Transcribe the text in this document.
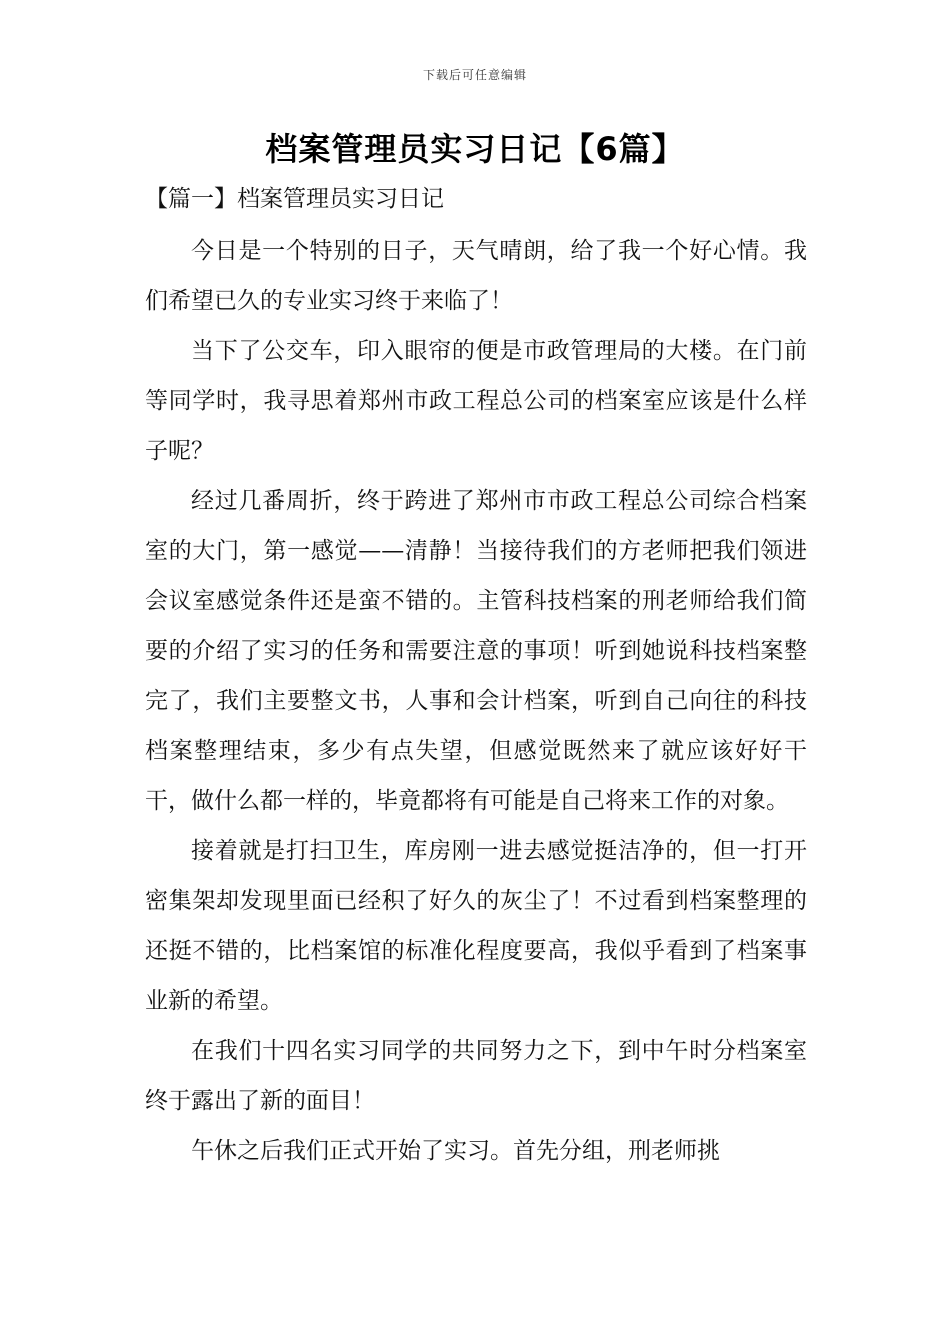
下载后可任意编辑
档案管理员实习日记【6篇】
【篇一】档案管理员实习日记

今日是一个特别的日子，天气晴朗，给了我一个好心情。我们希望已久的专业实习终于来临了！

当下了公交车，印入眼帘的便是市政管理局的大楼。在门前等同学时，我寻思着郑州市政工程总公司的档案室应该是什么样子呢？

经过几番周折，终于跨进了郑州市市政工程总公司综合档案室的大门，第一感觉——清静！当接待我们的方老师把我们领进会议室感觉条件还是蛮不错的。主管科技档案的刑老师给我们简要的介绍了实习的任务和需要注意的事项！听到她说科技档案整完了，我们主要整文书，人事和会计档案，听到自己向往的科技档案整理结束，多少有点失望，但感觉既然来了就应该好好干干，做什么都一样的，毕竟都将有可能是自己将来工作的对象。

接着就是打扫卫生，库房刚一进去感觉挺洁净的，但一打开密集架却发现里面已经积了好久的灰尘了！不过看到档案整理的还挺不错的，比档案馆的标准化程度要高，我似乎看到了档案事业新的希望。

在我们十四名实习同学的共同努力之下，到中午时分档案室终于露出了新的面目！

午休之后我们正式开始了实习。首先分组，刑老师挑
